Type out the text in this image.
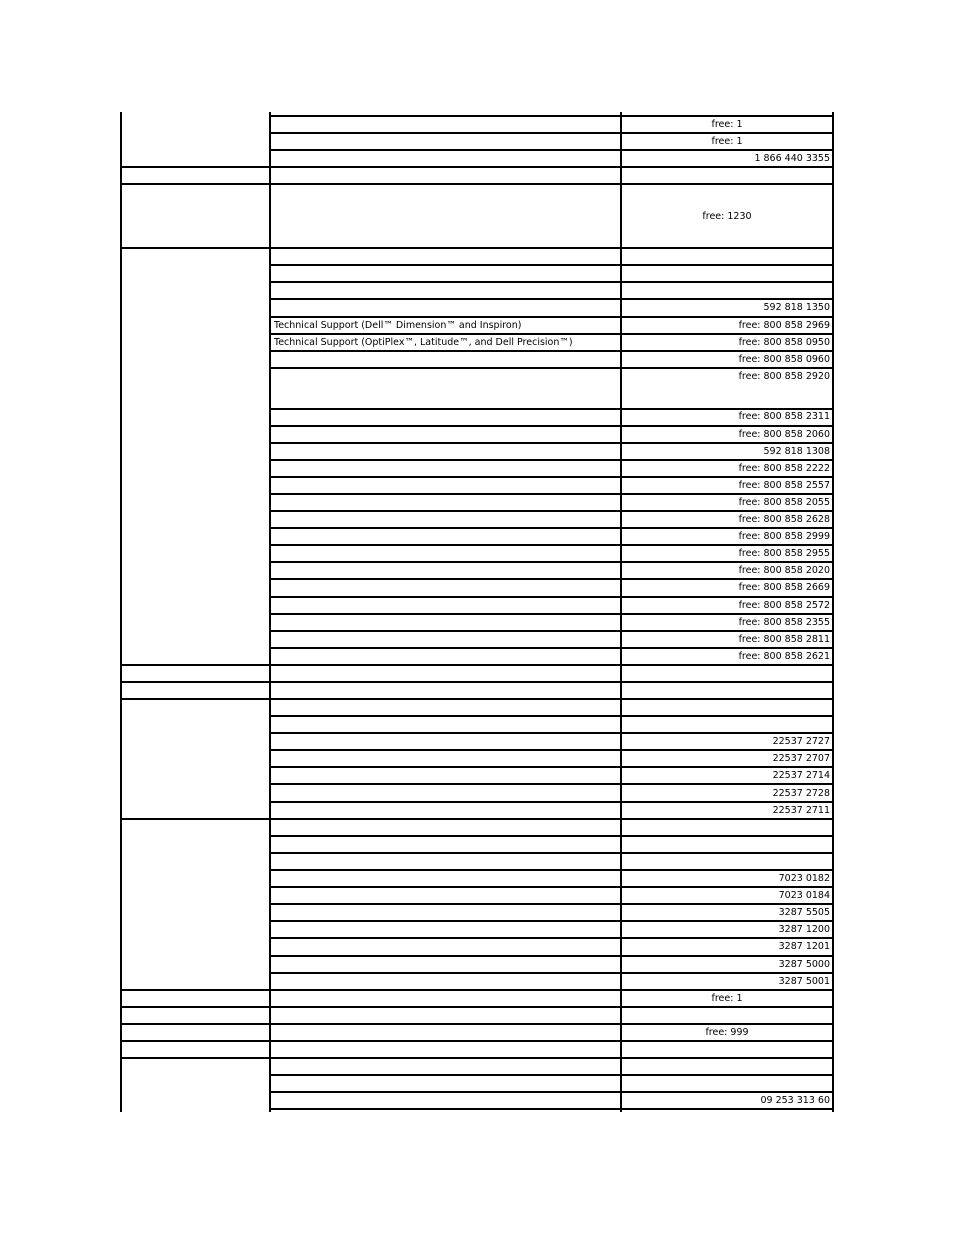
free: 1
free: 1
1 866 440 3355
free: 1230
592 818 1350
Technical Support (Dell™ Dimension™ and Inspiron)	free: 800 858 2969
Technical Support (OptiPlex™, Latitude™, and Dell Precision™)	free: 800 858 0950
free: 800 858 0960
free: 800 858 2920
free: 800 858 2311
free: 800 858 2060
592 818 1308
free: 800 858 2222
free: 800 858 2557
free: 800 858 2055
free: 800 858 2628
free: 800 858 2999
free: 800 858 2955
free: 800 858 2020
free: 800 858 2669
free: 800 858 2572
free: 800 858 2355
free: 800 858 2811
free: 800 858 2621
22537 2727
22537 2707
22537 2714
22537 2728
22537 2711
7023 0182
7023 0184
3287 5505
3287 1200
3287 1201
3287 5000
3287 5001
free: 1
free: 999
09 253 313 60
